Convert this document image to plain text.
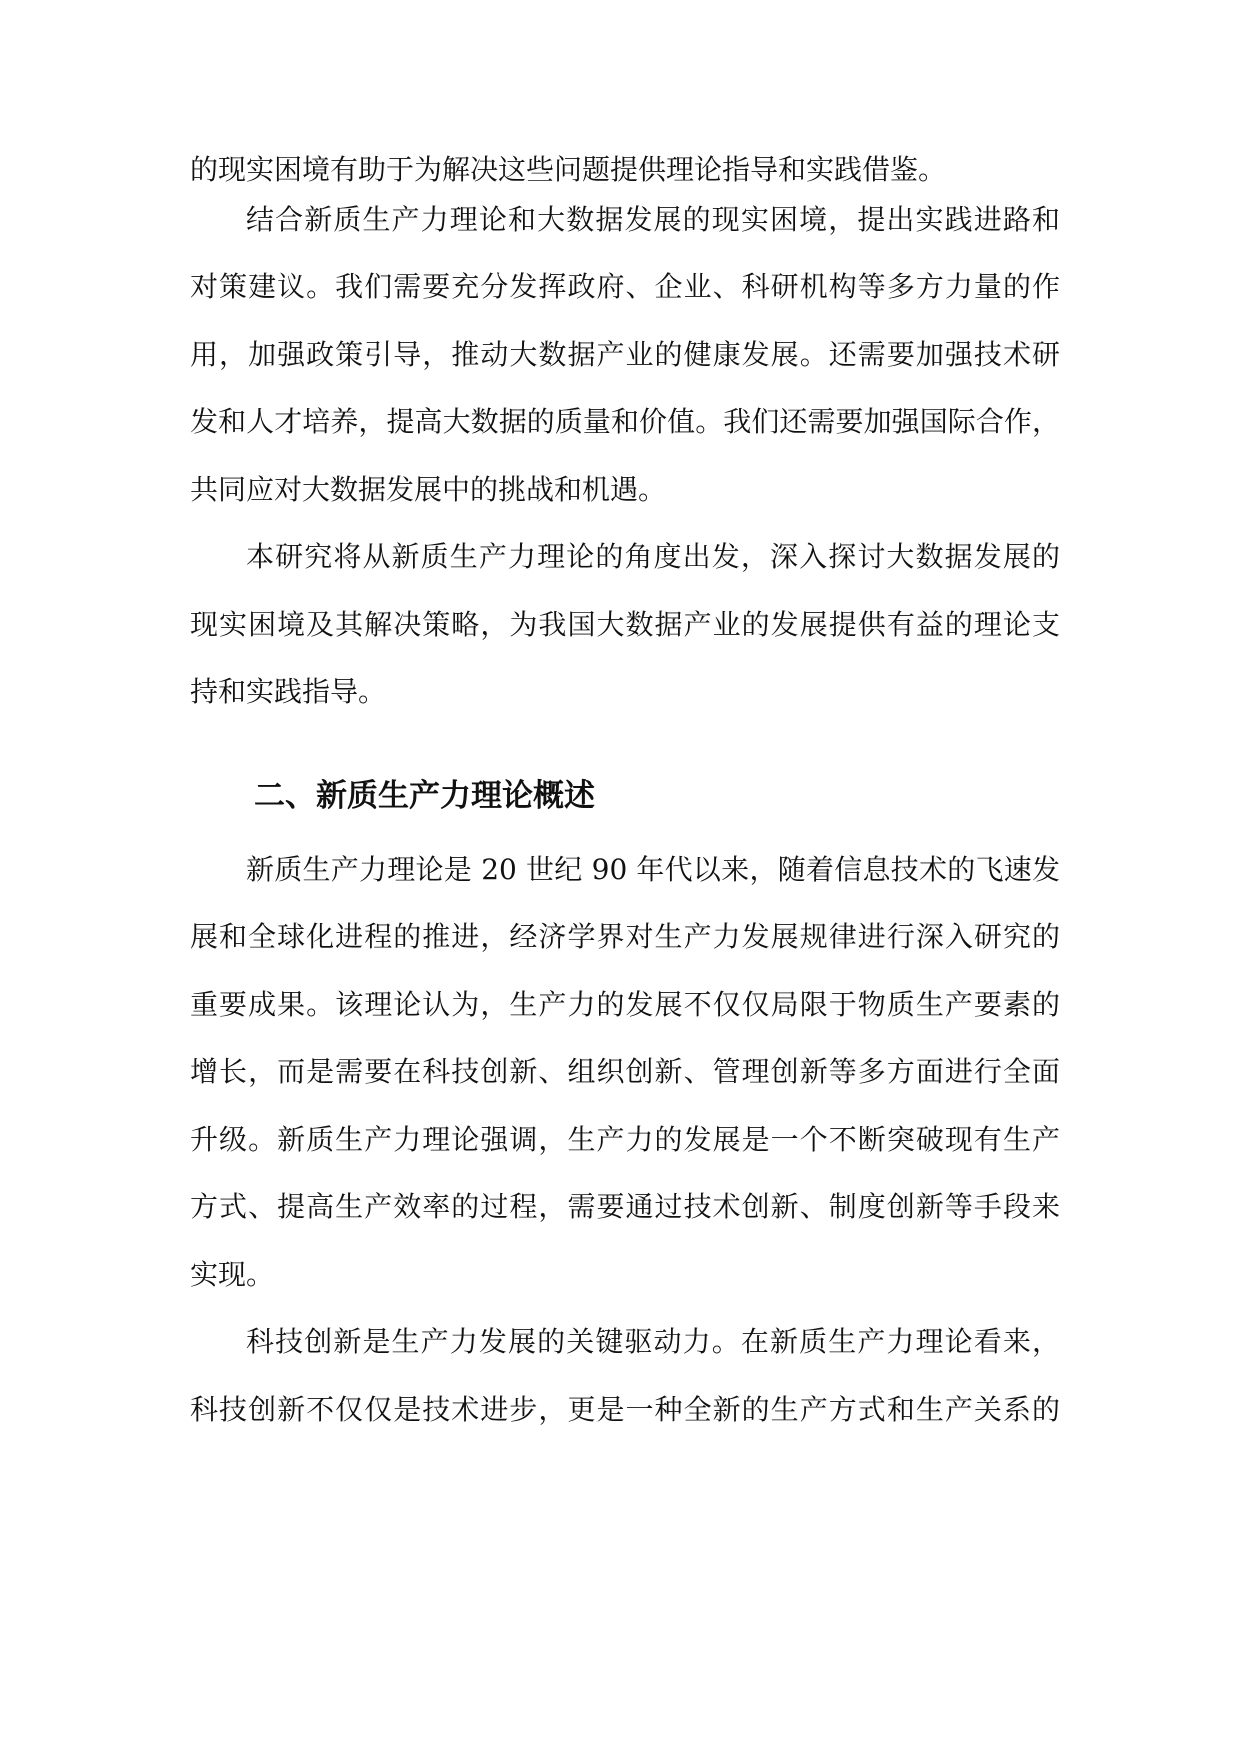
的现实困境有助于为解决这些问题提供理论指导和实践借鉴。
结合新质生产力理论和大数据发展的现实困境，提出实践进路和
对策建议。我们需要充分发挥政府、企业、科研机构等多方力量的作
用，加强政策引导，推动大数据产业的健康发展。还需要加强技术研
发和人才培养，提高大数据的质量和价值。我们还需要加强国际合作，
共同应对大数据发展中的挑战和机遇。
本研究将从新质生产力理论的角度出发，深入探讨大数据发展的
现实困境及其解决策略，为我国大数据产业的发展提供有益的理论支
持和实践指导。
二、新质生产力理论概述
新质生产力理论是 20 世纪 90 年代以来，随着信息技术的飞速发
展和全球化进程的推进，经济学界对生产力发展规律进行深入研究的
重要成果。该理论认为，生产力的发展不仅仅局限于物质生产要素的
增长，而是需要在科技创新、组织创新、管理创新等多方面进行全面
升级。新质生产力理论强调，生产力的发展是一个不断突破现有生产
方式、提高生产效率的过程，需要通过技术创新、制度创新等手段来
实现。
科技创新是生产力发展的关键驱动力。在新质生产力理论看来，
科技创新不仅仅是技术进步，更是一种全新的生产方式和生产关系的
